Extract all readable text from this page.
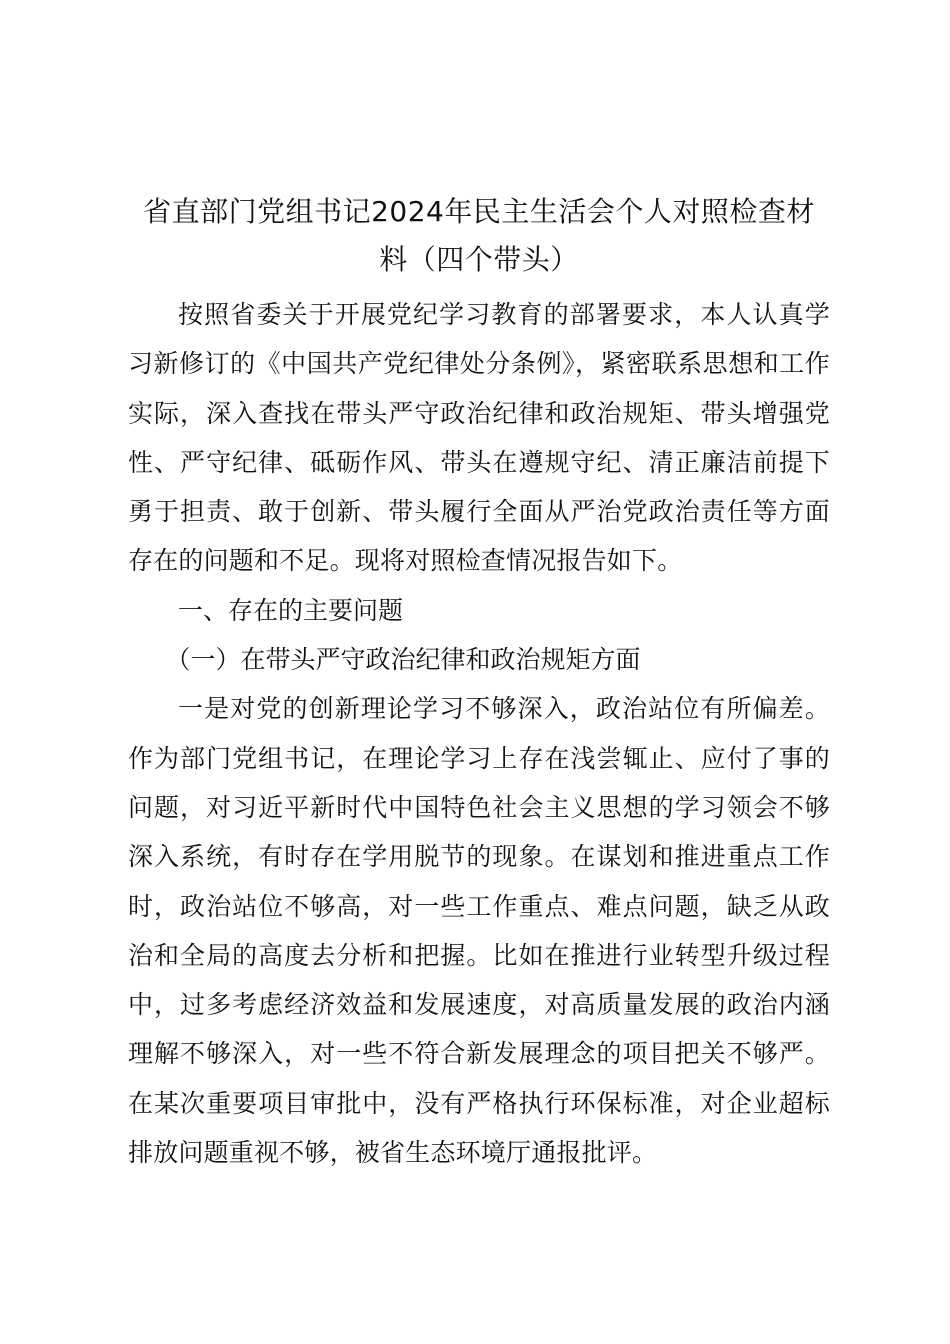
省直部门党组书记2024年民主生活会个人对照检查材
料（四个带头）

按照省委关于开展党纪学习教育的部署要求，本人认真学习新修订的《中国共产党纪律处分条例》，紧密联系思想和工作实际，深入查找在带头严守政治纪律和政治规矩、带头增强党性、严守纪律、砥砺作风、带头在遵规守纪、清正廉洁前提下勇于担责、敢于创新、带头履行全面从严治党政治责任等方面存在的问题和不足。现将对照检查情况报告如下。

一、存在的主要问题

（一）在带头严守政治纪律和政治规矩方面

一是对党的创新理论学习不够深入，政治站位有所偏差。作为部门党组书记，在理论学习上存在浅尝辄止、应付了事的问题，对习近平新时代中国特色社会主义思想的学习领会不够深入系统，有时存在学用脱节的现象。在谋划和推进重点工作时，政治站位不够高，对一些工作重点、难点问题，缺乏从政治和全局的高度去分析和把握。比如在推进行业转型升级过程中，过多考虑经济效益和发展速度，对高质量发展的政治内涵理解不够深入，对一些不符合新发展理念的项目把关不够严。在某次重要项目审批中，没有严格执行环保标准，对企业超标排放问题重视不够，被省生态环境厅通报批评。
